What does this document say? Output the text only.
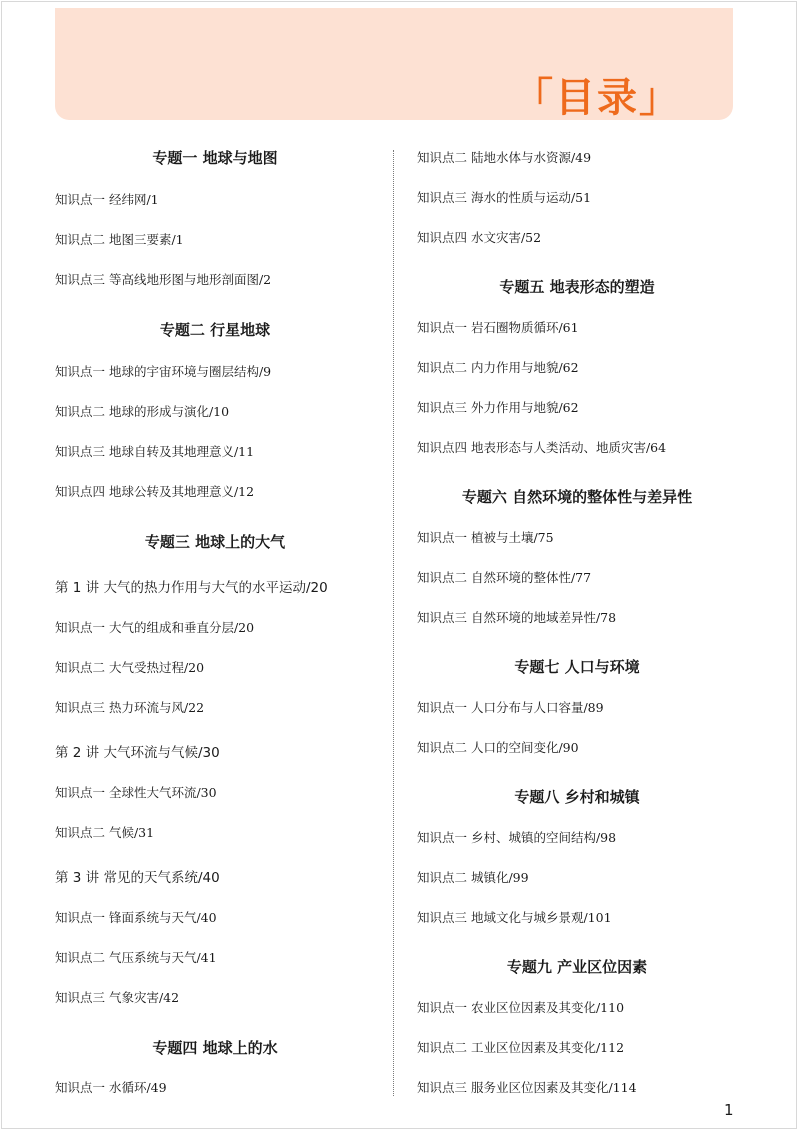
「目录」
专题一 地球与地图
知识点一 经纬网/1
知识点二 地图三要素/1
知识点三 等高线地形图与地形剖面图/2
专题二 行星地球
知识点一 地球的宇宙环境与圈层结构/9
知识点二 地球的形成与演化/10
知识点三 地球自转及其地理意义/11
知识点四 地球公转及其地理意义/12
专题三 地球上的大气
第 1 讲 大气的热力作用与大气的水平运动/20
知识点一 大气的组成和垂直分层/20
知识点二 大气受热过程/20
知识点三 热力环流与风/22
第 2 讲 大气环流与气候/30
知识点一 全球性大气环流/30
知识点二 气候/31
第 3 讲 常见的天气系统/40
知识点一 锋面系统与天气/40
知识点二 气压系统与天气/41
知识点三 气象灾害/42
专题四 地球上的水
知识点一 水循环/49
知识点二 陆地水体与水资源/49
知识点三 海水的性质与运动/51
知识点四 水文灾害/52
专题五 地表形态的塑造
知识点一 岩石圈物质循环/61
知识点二 内力作用与地貌/62
知识点三 外力作用与地貌/62
知识点四 地表形态与人类活动、地质灾害/64
专题六 自然环境的整体性与差异性
知识点一 植被与土壤/75
知识点二 自然环境的整体性/77
知识点三 自然环境的地域差异性/78
专题七 人口与环境
知识点一 人口分布与人口容量/89
知识点二 人口的空间变化/90
专题八 乡村和城镇
知识点一 乡村、城镇的空间结构/98
知识点二 城镇化/99
知识点三 地域文化与城乡景观/101
专题九 产业区位因素
知识点一 农业区位因素及其变化/110
知识点二 工业区位因素及其变化/112
知识点三 服务业区位因素及其变化/114
1
